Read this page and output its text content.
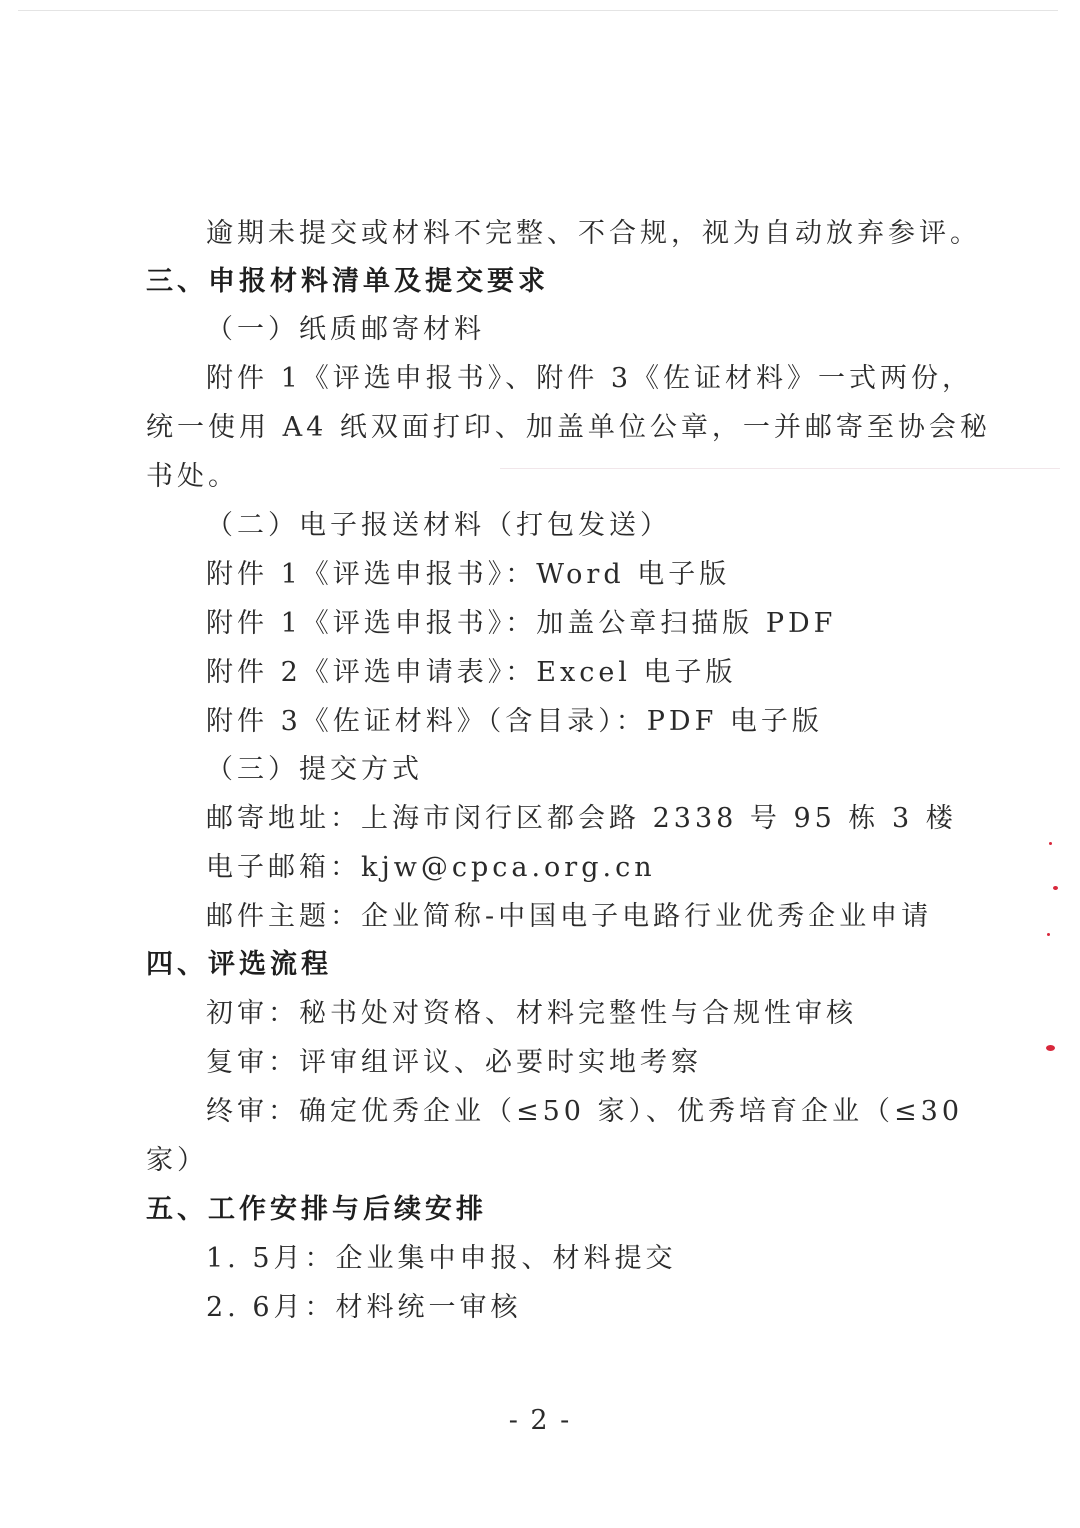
逾期未提交或材料不完整、不合规，视为自动放弃参评。
三、申报材料清单及提交要求
（一）纸质邮寄材料
附件 1《评选申报书》、附件 3《佐证材料》一式两份，
统一使用 A4 纸双面打印、加盖单位公章，一并邮寄至协会秘
书处。
（二）电子报送材料（打包发送）
附件 1《评选申报书》：Word 电子版
附件 1《评选申报书》：加盖公章扫描版 PDF
附件 2《评选申请表》：Excel 电子版
附件 3《佐证材料》（含目录）：PDF 电子版
（三）提交方式
邮寄地址：上海市闵行区都会路 2338 号 95 栋 3 楼
电子邮箱：kjw@cpca.org.cn
邮件主题：企业简称-中国电子电路行业优秀企业申请
四、评选流程
初审：秘书处对资格、材料完整性与合规性审核
复审：评审组评议、必要时实地考察
终审：确定优秀企业（≤50 家）、优秀培育企业（≤30
家）
五、工作安排与后续安排
1. 5月：企业集中申报、材料提交
2. 6月：材料统一审核
- 2 -
